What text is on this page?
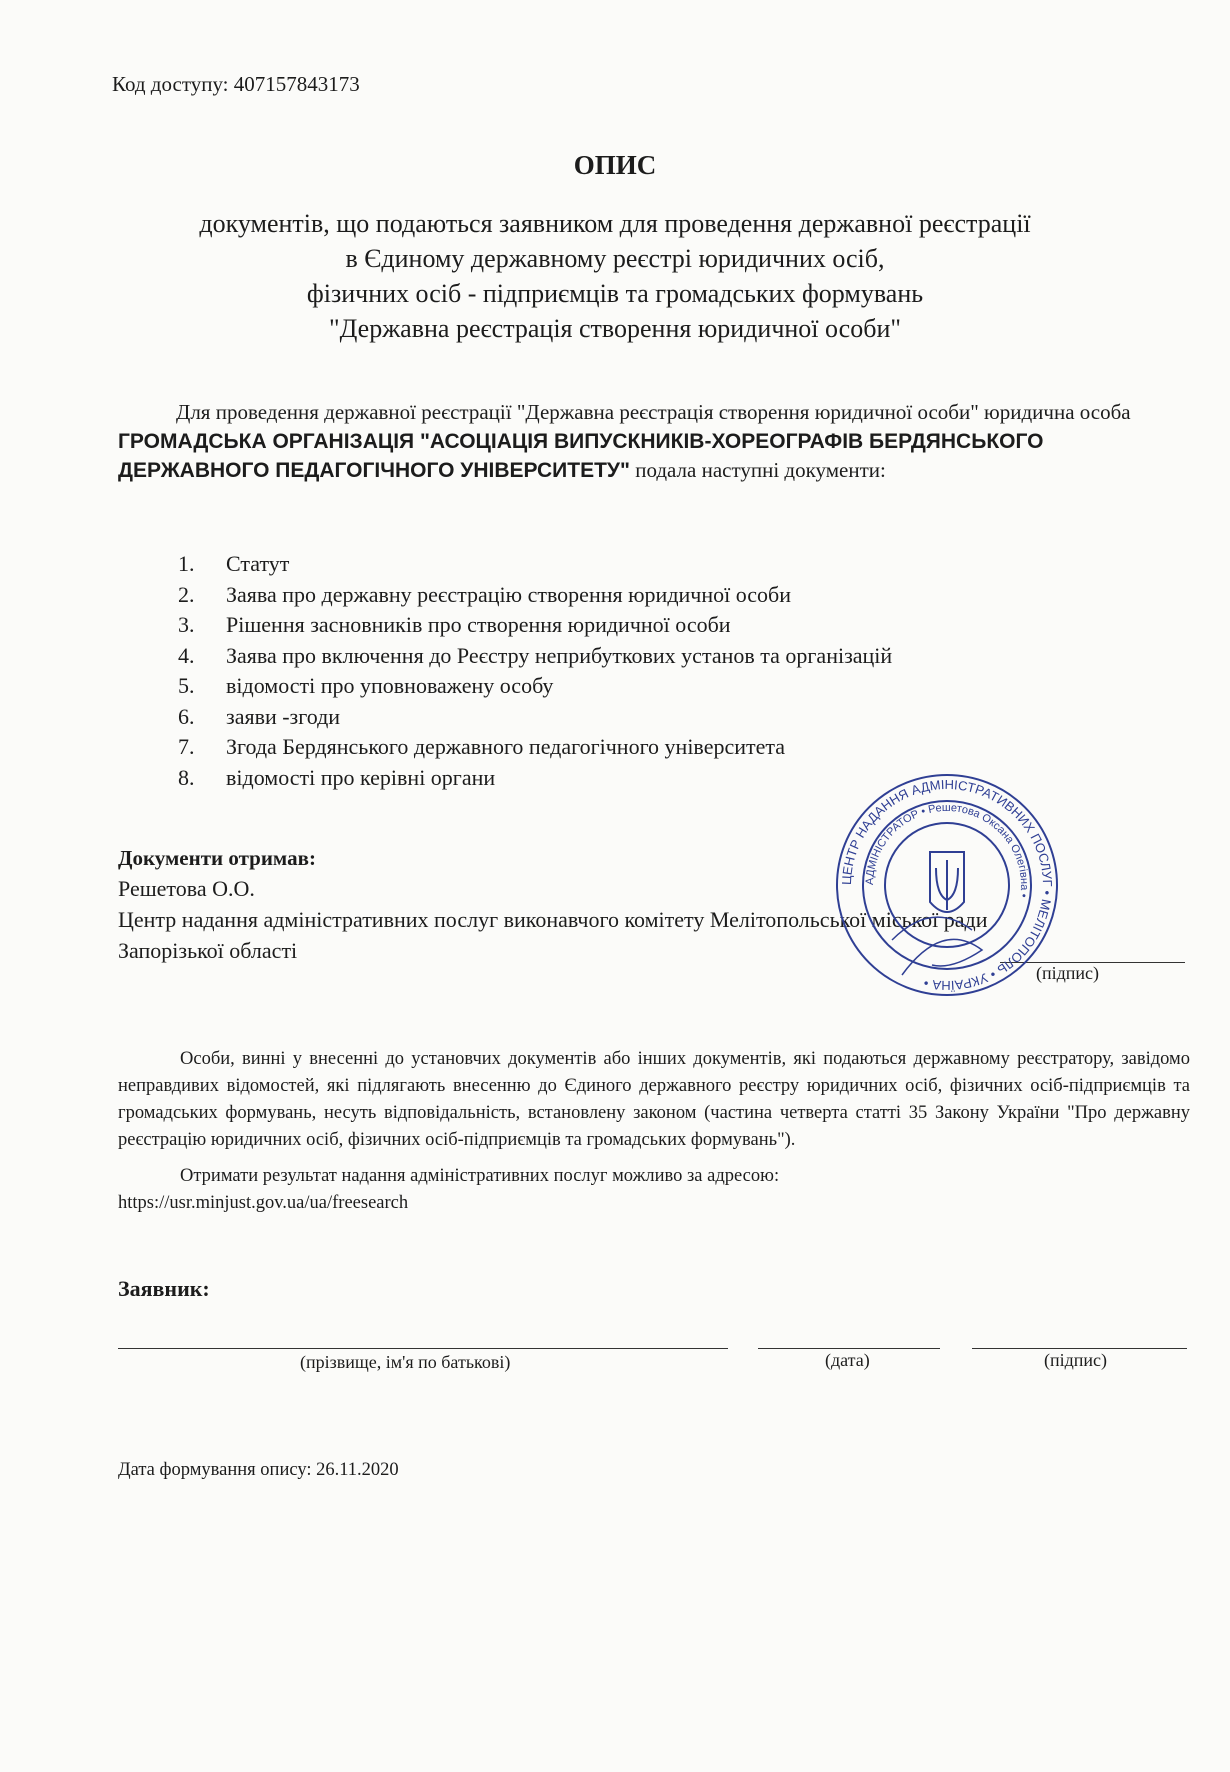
Код доступу: 407157843173
ОПИС
документів, що подаються заявником для проведення державної реєстрації
в Єдиному державному реєстрі юридичних осіб,
фізичних осіб - підприємців та громадських формувань
"Державна реєстрація створення юридичної особи"
Для проведення державної реєстрації "Державна реєстрація створення юридичної особи" юридична особа ГРОМАДСЬКА ОРГАНІЗАЦІЯ "АСОЦІАЦІЯ ВИПУСКНИКІВ-ХОРЕОГРАФІВ БЕРДЯНСЬКОГО ДЕРЖАВНОГО ПЕДАГОГІЧНОГО УНІВЕРСИТЕТУ" подала наступні документи:
1.	Статут
2.	Заява про державну реєстрацію створення юридичної особи
3.	Рішення засновників про створення юридичної особи
4.	Заява про включення до Реєстру неприбуткових установ та організацій
5.	відомості про уповноважену особу
6.	заяви -згоди
7.	Згода Бердянського державного педагогічного університета
8.	відомості про керівні органи
Документи отримав:
Решетова О.О.
Центр надання адміністративних послуг виконавчого комітету Мелітопольської міської ради Запорізької області
(підпис)
ЦЕНТР НАДАННЯ АДМІНІСТРАТИВНИХ ПОСЛУГ • МЕЛІТОПОЛЬ • УКРАЇНА •
АДМІНІСТРАТОР • Решетова Оксана Олегівна •
Особи, винні у внесенні до установчих документів або інших документів, які подаються державному реєстратору, завідомо неправдивих відомостей, які підлягають внесенню до Єдиного державного реєстру юридичних осіб, фізичних осіб-підприємців та громадських формувань, несуть відповідальність, встановлену законом (частина четверта статті 35 Закону України "Про державну реєстрацію юридичних осіб, фізичних осіб-підприємців та громадських формувань").
Отримати результат надання адміністративних послуг можливо за адресою:
https://usr.minjust.gov.ua/ua/freesearch
Заявник:
(прізвище, ім'я по батькові)	(дата)	(підпис)
Дата формування опису: 26.11.2020
